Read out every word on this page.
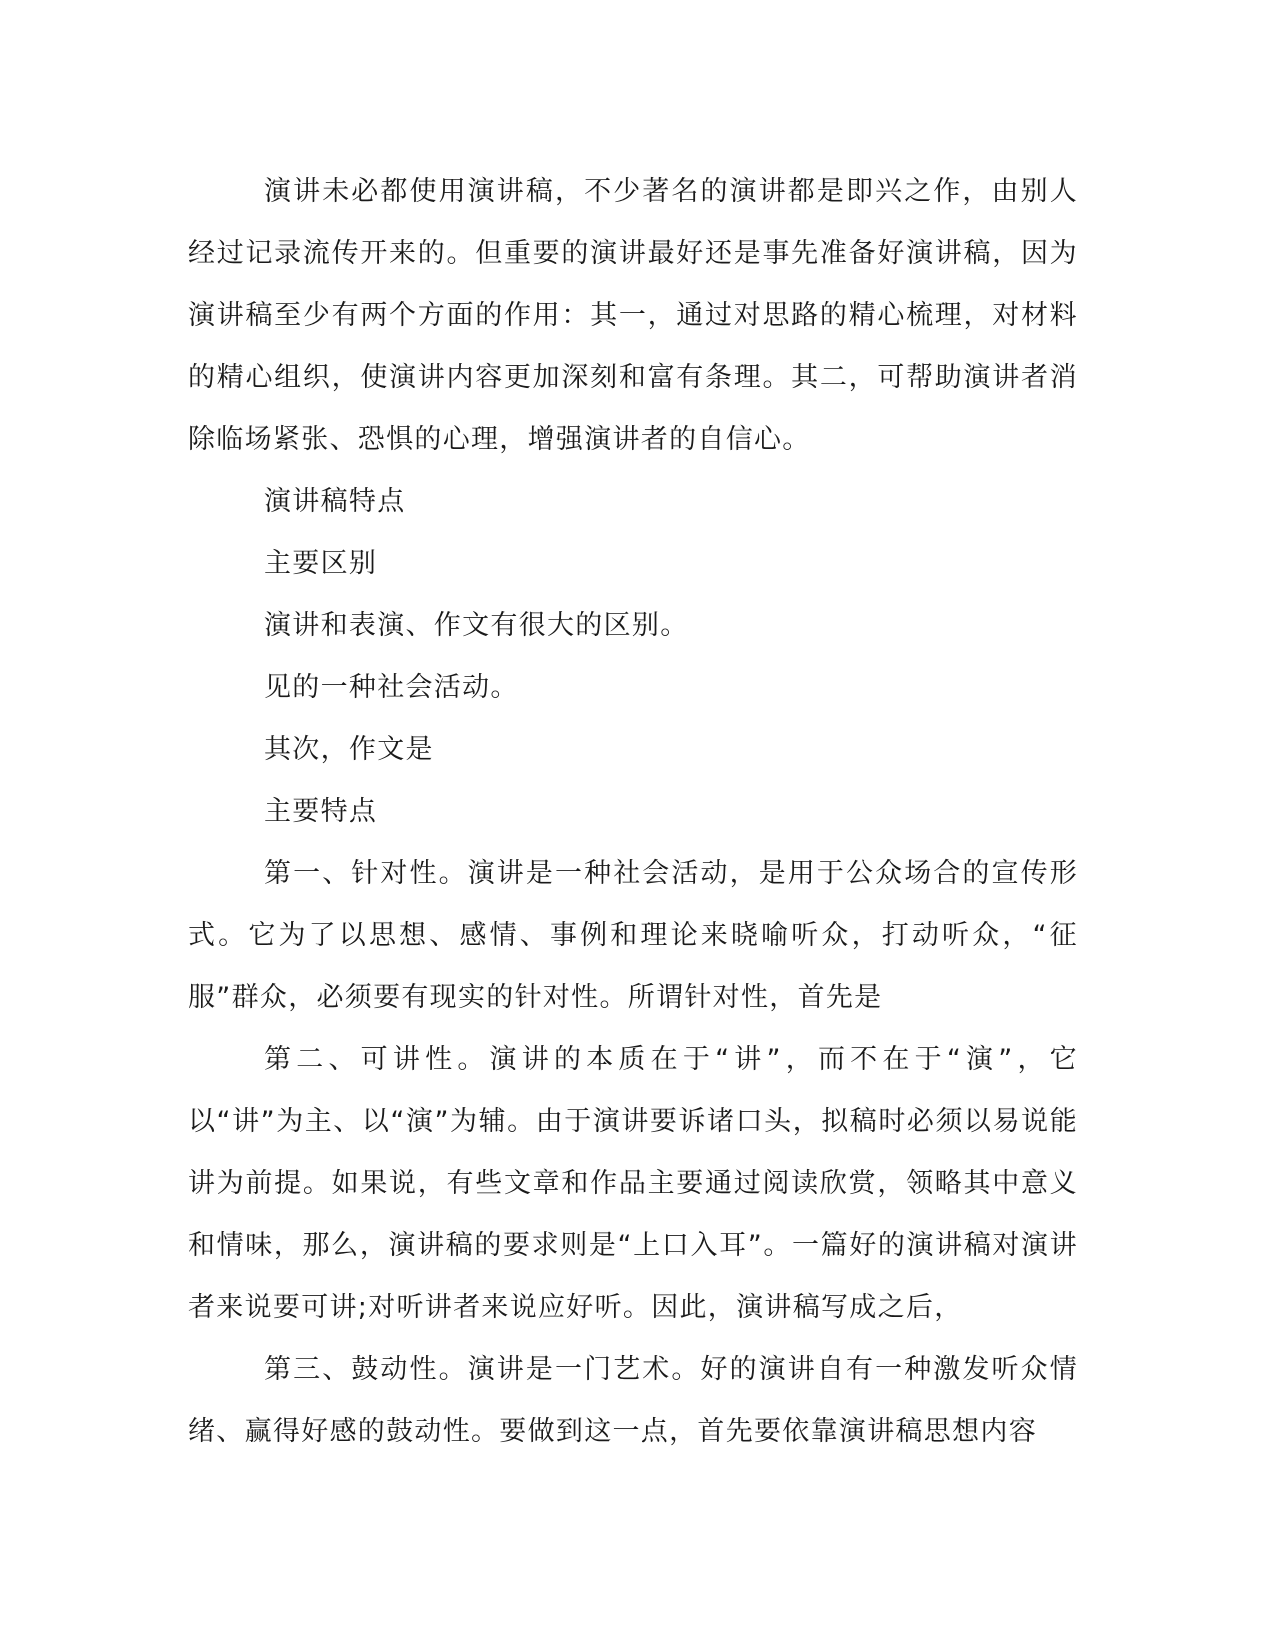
演讲未必都使用演讲稿，不少著名的演讲都是即兴之作，由别人经过记录流传开来的。但重要的演讲最好还是事先准备好演讲稿，因为演讲稿至少有两个方面的作用：其一，通过对思路的精心梳理，对材料的精心组织，使演讲内容更加深刻和富有条理。其二，可帮助演讲者消除临场紧张、恐惧的心理，增强演讲者的自信心。

演讲稿特点

主要区别

演讲和表演、作文有很大的区别。

见的一种社会活动。

其次，作文是

主要特点

第一、针对性。演讲是一种社会活动，是用于公众场合的宣传形式。它为了以思想、感情、事例和理论来晓喻听众，打动听众，“征服”群众，必须要有现实的针对性。所谓针对性，首先是

第二、可讲性。演讲的本质在于“讲”，而不在于“演”，它以“讲”为主、以“演”为辅。由于演讲要诉诸口头，拟稿时必须以易说能讲为前提。如果说，有些文章和作品主要通过阅读欣赏，领略其中意义和情味，那么，演讲稿的要求则是“上口入耳”。一篇好的演讲稿对演讲者来说要可讲;对听讲者来说应好听。因此，演讲稿写成之后，

第三、鼓动性。演讲是一门艺术。好的演讲自有一种激发听众情绪、赢得好感的鼓动性。要做到这一点，首先要依靠演讲稿思想内容
